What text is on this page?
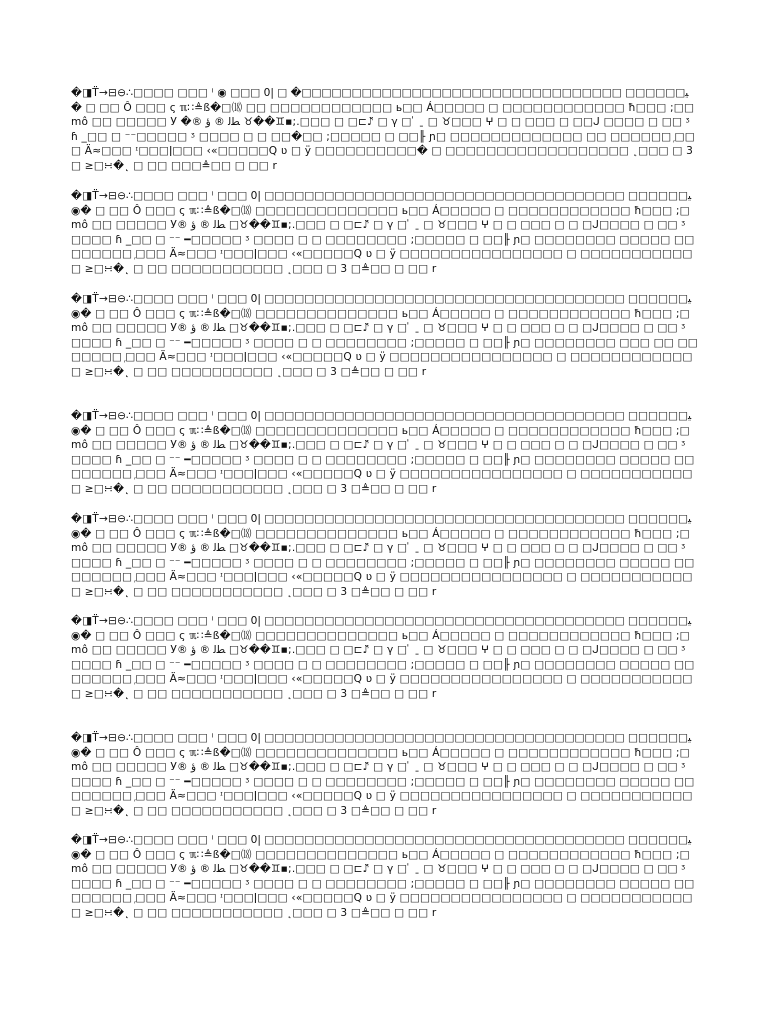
�◨T̈→⊟⊖∴□□□□ □□□ ‫ﯿ□□□□□□ □□□□□□□□□□□□□□□□□□□□□□□□□□□□□□□□� □ |0 □□□ ⁱ ◉� □ □□ Ô □□□ ς ℼ∷≜ß�□⒅ □□ □□□□□□□□□□□□ ь□□ Á□□□□□ □ □□□□□□□□□□□□ ħ□□□ ;□□♉��♊▪;.□□□ □ □⊏♪̈ □ γ □ ̍ ˍ □ ♉□□□ ⵖ □ □ □□□ □ □□ᒍ □□□□ □ □□ ᶾ ﻄﻟ ® ؤ ®mô □□ □□□□□ У � ɦ _□□ □ ⁻⁻□□□□□ ᶾ □□□□ □ □ □□�□□ ;□□□□□ □ □□╟ ɲ□ □□□□□□□□□□□□□ □□ □□□□□□ ᷊□□□ Ä≈□□□ ᶦ□□□ǀ□□□ ‹«□□□□□Q ʋ □ ӱ □□□□□□□□□□� □ □□□□□□□□□□□□□□□□□□ ˛□□□ □ 3 □≜□□ □ □□ r□□ □□ □ ˛�∺□≤ □

�◨T̈→⊟⊖∴□□□□ □□□ ‫ﯿ□□□□□□ □□□□□□□□□□□□□□□□□□□□□□□□□□□□□□□□□□□□ |0 □□□ ⁱ ◉� □ □□ Ô □□□ ς ℼ∷≜ß�□⒅ □□□□□□□□□□□□□□ ь□□ Á□□□□□ □ □□□□□□□□□□□□ ħ□□□ ;□□♉��♊▪;.□□□ □ □⊏♪̈ □ γ □ ̍ ˍ □ ♉□□□ ⵖ □ □ □□□ □ □ □ᒍ□□□□ □ □□ ᶾ ﻄﻟ ® ؤ ®mô □□ □□□□□ У □□□□ ɦ _□□ □ ⁻⁻ ━□□□□□ ᶾ □□□□ □ □ □□□□□□□□ ;□□□□□ □ □□╟ ɲ□ □□□□□□□□ □□□□□ □□□□□□□□ ᷊□□□ Ä≈□□□ ᶦ□□□ǀ□□□ ‹«□□□□□Q ʋ □ ӱ □□□□□□□□□□□□□□□□ □ □□□□□□□□□□□□□□□□□□□□ ˛□□□ □ 3 □≜□□ □ □□ r□□ □□ □ ˛�∺□≤ □

�◨T̈→⊟⊖∴□□□□ □□□ ‫ﯿ□□□□□□ □□□□□□□□□□□□□□□□□□□□□□□□□□□□□□□□□□□□ |0 □□□ ⁱ ◉� □ □□ Ô □□□ ς ℼ∷≜ß�□⒅ □□□□□□□□□□□□□□ ь□□ Á□□□□□ □ □□□□□□□□□□□□ ħ□□□ ;□□♉��♊▪;.□□□ □ □⊏♪̈ □ γ □ ̍ ˍ □ ♉□□□ ⵖ □ □ □□□ □ □ □ᒍ□□□□ □ □□ ᶾ ﻄﻟ ® ؤ ®mô □□ □□□□□ У □□□□ ɦ _□□ □ ⁻⁻ ━□□□□□ ᶾ □□□□ □ □ □□□□□□□□ ;□□□□□ □ □□╟ ɲ□ □□□□□□□□ □□□ □□ □□□□□□□ ᷊□□□ Ä≈□□□ ᶦ□□□ǀ□□□ ‹«□□□□□Q ʋ □ ӱ □□□□□□□□□□□□□□□□ □ □□□□□□□□□□□□□□□□□□□□ ˛□□□ □ 3 □≜□□ □ □□ r□□ □□ □ ˛�∺□≤ □

�◨T̈→⊟⊖∴□□□□ □□□ ‫ﯿ□□□□□□ □□□□□□□□□□□□□□□□□□□□□□□□□□□□□□□□□□□□ |0 □□□ ⁱ ◉� □ □□ Ô □□□ ς ℼ∷≜ß�□⒅ □□□□□□□□□□□□□□ ь□□ Á□□□□□ □ □□□□□□□□□□□□ ħ□□□ ;□□♉��♊▪;.□□□ □ □⊏♪̈ □ γ □ ̍ ˍ □ ♉□□□ ⵖ □ □ □□□ □ □ □ᒍ□□□□ □ □□ ᶾ ﻄﻟ ® ؤ ®mô □□ □□□□□ У □□□□ ɦ _□□ □ ⁻⁻ ━□□□□□ ᶾ □□□□ □ □ □□□□□□□□ ;□□□□□ □ □□╟ ɲ□ □□□□□□□□ □□□□□ □□□□□□□□ ᷊□□□ Ä≈□□□ ᶦ□□□ǀ□□□ ‹«□□□□□Q ʋ □ ӱ □□□□□□□□□□□□□□□□ □ □□□□□□□□□□□□□□□□□□□□ ˛□□□ □ 3 □≜□□ □ □□ r□□ □□ □ ˛�∺□≤ □

�◨T̈→⊟⊖∴□□□□ □□□ ‫ﯿ□□□□□□ □□□□□□□□□□□□□□□□□□□□□□□□□□□□□□□□□□□□ |0 □□□ ⁱ ◉� □ □□ Ô □□□ ς ℼ∷≜ß�□⒅ □□□□□□□□□□□□□□ ь□□ Á□□□□□ □ □□□□□□□□□□□□ ħ□□□ ;□□♉��♊▪;.□□□ □ □⊏♪̈ □ γ □ ̍ ˍ □ ♉□□□ ⵖ □ □ □□□ □ □ □ᒍ□□□□ □ □□ ᶾ ﻄﻟ ® ؤ ®mô □□ □□□□□ У □□□□ ɦ _□□ □ ⁻⁻ ━□□□□□ ᶾ □□□□ □ □ □□□□□□□□ ;□□□□□ □ □□╟ ɲ□ □□□□□□□□ □□□□□ □□□□□□□□ ᷊□□□ Ä≈□□□ ᶦ□□□ǀ□□□ ‹«□□□□□Q ʋ □ ӱ □□□□□□□□□□□□□□□□ □ □□□□□□□□□□□□□□□□□□□□ ˛□□□ □ 3 □≜□□ □ □□ r□□ □□ □ ˛�∺□≤ □

�◨T̈→⊟⊖∴□□□□ □□□ ‫ﯿ□□□□□□ □□□□□□□□□□□□□□□□□□□□□□□□□□□□□□□□□□□□ |0 □□□ ⁱ ◉� □ □□ Ô □□□ ς ℼ∷≜ß�□⒅ □□□□□□□□□□□□□□ ь□□ Á□□□□□ □ □□□□□□□□□□□□ ħ□□□ ;□□♉��♊▪;.□□□ □ □⊏♪̈ □ γ □ ̍ ˍ □ ♉□□□ ⵖ □ □ □□□ □ □ □ᒍ□□□□ □ □□ ᶾ ﻄﻟ ® ؤ ®mô □□ □□□□□ У □□□□ ɦ _□□ □ ⁻⁻ ━□□□□□ ᶾ □□□□ □ □ □□□□□□□□ ;□□□□□ □ □□╟ ɲ□ □□□□□□□□ □□□□□ □□□□□□□□ ᷊□□□ Ä≈□□□ ᶦ□□□ǀ□□□ ‹«□□□□□Q ʋ □ ӱ □□□□□□□□□□□□□□□□ □ □□□□□□□□□□□□□□□□□□□□ ˛□□□ □ 3 □≜□□ □ □□ r□□ □□ □ ˛�∺□≤ □

�◨T̈→⊟⊖∴□□□□ □□□ ‫ﯿ□□□□□□ □□□□□□□□□□□□□□□□□□□□□□□□□□□□□□□□□□□□ |0 □□□ ⁱ ◉� □ □□ Ô □□□ ς ℼ∷≜ß�□⒅ □□□□□□□□□□□□□□ ь□□ Á□□□□□ □ □□□□□□□□□□□□ ħ□□□ ;□□♉��♊▪;.□□□ □ □⊏♪̈ □ γ □ ̍ ˍ □ ♉□□□ ⵖ □ □ □□□ □ □ □ᒍ□□□□ □ □□ ᶾ ﻄﻟ ® ؤ ®mô □□ □□□□□ У □□□□ ɦ _□□ □ ⁻⁻ ━□□□□□ ᶾ □□□□ □ □ □□□□□□□□ ;□□□□□ □ □□╟ ɲ□ □□□□□□□□ □□□□□ □□□□□□□□ ᷊□□□ Ä≈□□□ ᶦ□□□ǀ□□□ ‹«□□□□□Q ʋ □ ӱ □□□□□□□□□□□□□□□□ □ □□□□□□□□□□□□□□□□□□□□ ˛□□□ □ 3 □≜□□ □ □□ r□□ □□ □ ˛�∺□≤ □

�◨T̈→⊟⊖∴□□□□ □□□ ‫ﯿ□□□□□□ □□□□□□□□□□□□□□□□□□□□□□□□□□□□□□□□□□□□ |0 □□□ ⁱ ◉� □ □□ Ô □□□ ς ℼ∷≜ß�□⒅ □□□□□□□□□□□□□□ ь□□ Á□□□□□ □ □□□□□□□□□□□□ ħ□□□ ;□□♉��♊▪;.□□□ □ □⊏♪̈ □ γ □ ̍ ˍ □ ♉□□□ ⵖ □ □ □□□ □ □ □ᒍ□□□□ □ □□ ᶾ ﻄﻟ ® ؤ ®mô □□ □□□□□ У □□□□ ɦ _□□ □ ⁻⁻ ━□□□□□ ᶾ □□□□ □ □ □□□□□□□□ ;□□□□□ □ □□╟ ɲ□ □□□□□□□□ □□□□□ □□□□□□□□ ᷊□□□ Ä≈□□□ ᶦ□□□ǀ□□□ ‹«□□□□□Q ʋ □ ӱ □□□□□□□□□□□□□□□□ □ □□□□□□□□□□□□□□□□□□□□ ˛□□□ □ 3 □≜□□ □ □□ r□□ □□ □ ˛�∺□≤ □
